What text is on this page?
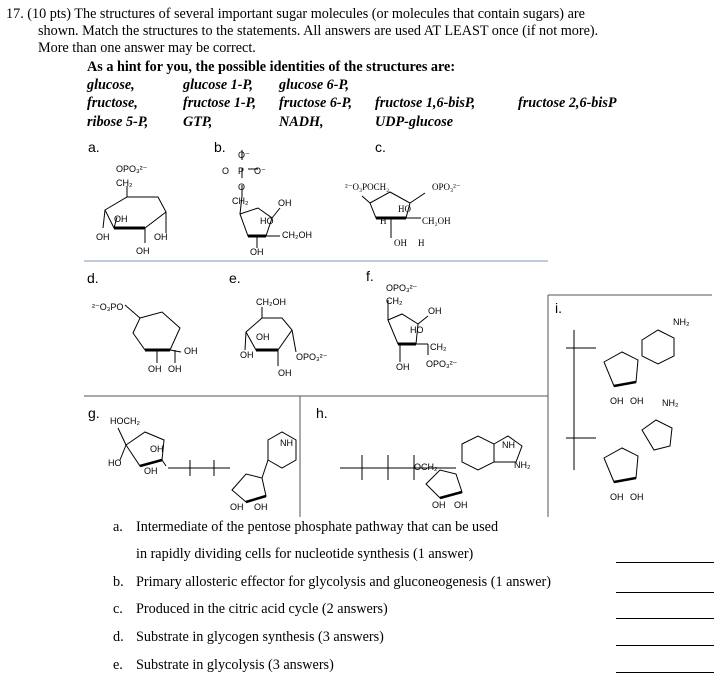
17. (10 pts) The structures of several important sugar molecules (or molecules that contain sugars) are
shown. Match the structures to the statements. All answers are used AT LEAST once (if not more).
More than one answer may be correct.
As a hint for you, the possible identities of the structures are:
glucose,	glucose 1-P, glucose 6-P,
fructose,	fructose 1-P, fructose 6-P, fructose 1,6-bisP,	fructose 2,6-bisP
ribose 5-P, GTP,	NADH,	UDP-glucose
a.	b.	c.
d.	e.	f.
g.	h.
i.
OPO₃²⁻
CH₂
OH
OH	OH
OH
O⁻
O P O⁻
O
CH₂	OH
HO
CH₂OH
OH
²⁻O₃PO
OH
OH OH
CH₂OH
OH
OH	OPO₃²⁻
OH
OPO₃²⁻
CH₂
OH
HO
CH₂
OH OPO₃²⁻
HOCH₂
OH
HO
OH
NH
OH OH
OCH₂
NH
NH₂
OH OH
NH₂
OH OH NH₂
OH OH
²⁻O₃POCH₂	OPO₃²⁻
HO
H	CH₂OH
OH H
a. Intermediate of the pentose phosphate pathway that can be used
in rapidly dividing cells for nucleotide synthesis (1 answer)
b. Primary allosteric effector for glycolysis and gluconeogenesis (1 answer)
c. Produced in the citric acid cycle (2 answers)
d. Substrate in glycogen synthesis (3 answers)
e. Substrate in glycolysis (3 answers)
